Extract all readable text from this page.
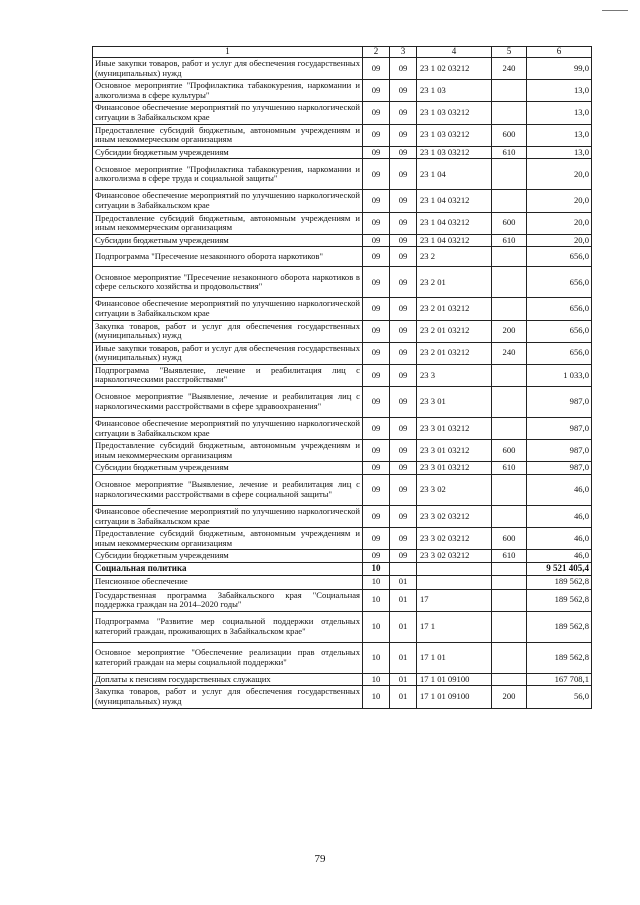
1	2	3	4	5	6
Иные закупки товаров, работ и услуг для обеспечения государственных (муниципальных) нужд	09	09	23 1 02 03212	240	99,0
Основное мероприятие "Профилактика табакокурения, наркомании и алкоголизма в сфере культуры"	09	09	23 1 03		13,0
Финансовое обеспечение мероприятий по улучшению наркологической ситуации в Забайкальском крае	09	09	23 1 03 03212		13,0
Предоставление субсидий бюджетным, автономным учреждениям и иным некоммерческим организациям	09	09	23 1 03 03212	600	13,0
Субсидии бюджетным учреждениям	09	09	23 1 03 03212	610	13,0
Основное мероприятие "Профилактика табакокурения, наркомании и алкоголизма в сфере труда и социальной защиты"	09	09	23 1 04		20,0
Финансовое обеспечение мероприятий по улучшению наркологической ситуации в Забайкальском крае	09	09	23 1 04 03212		20,0
Предоставление субсидий бюджетным, автономным учреждениям и иным некоммерческим организациям	09	09	23 1 04 03212	600	20,0
Субсидии бюджетным учреждениям	09	09	23 1 04 03212	610	20,0
Подпрограмма "Пресечение незаконного оборота наркотиков"	09	09	23 2		656,0
Основное мероприятие "Пресечение незаконного оборота наркотиков в сфере сельского хозяйства и продовольствия"	09	09	23 2 01		656,0
Финансовое обеспечение мероприятий по улучшению наркологической ситуации в Забайкальском крае	09	09	23 2 01 03212		656,0
Закупка товаров, работ и услуг для обеспечения государственных (муниципальных) нужд	09	09	23 2 01 03212	200	656,0
Иные закупки товаров, работ и услуг для обеспечения государственных (муниципальных) нужд	09	09	23 2 01 03212	240	656,0
Подпрограмма "Выявление, лечение и реабилитация лиц с наркологическими расстройствами"	09	09	23 3		1 033,0
Основное мероприятие "Выявление, лечение и реабилитация лиц с наркологическими расстройствами в сфере здравоохранения"	09	09	23 3 01		987,0
Финансовое обеспечение мероприятий по улучшению наркологической ситуации в Забайкальском крае	09	09	23 3 01 03212		987,0
Предоставление субсидий бюджетным, автономным учреждениям и иным некоммерческим организациям	09	09	23 3 01 03212	600	987,0
Субсидии бюджетным учреждениям	09	09	23 3 01 03212	610	987,0
Основное мероприятие "Выявление, лечение и реабилитация лиц с наркологическими расстройствами в сфере социальной защиты"	09	09	23 3 02		46,0
Финансовое обеспечение мероприятий по улучшению наркологической ситуации в Забайкальском крае	09	09	23 3 02 03212		46,0
Предоставление субсидий бюджетным, автономным учреждениям и иным некоммерческим организациям	09	09	23 3 02 03212	600	46,0
Субсидии бюджетным учреждениям	09	09	23 3 02 03212	610	46,0
Социальная политика	10				9 521 405,4
Пенсионное обеспечение	10	01			189 562,8
Государственная программа Забайкальского края "Социальная поддержка граждан на 2014–2020 годы"	10	01	17		189 562,8
Подпрограмма "Развитие мер социальной поддержки отдельных категорий граждан, проживающих в Забайкальском крае"	10	01	17 1		189 562,8
Основное мероприятие "Обеспечение реализации прав отдельных категорий граждан на меры социальной поддержки"	10	01	17 1 01		189 562,8
Доплаты к пенсиям государственных служащих	10	01	17 1 01 09100		167 708,1
Закупка товаров, работ и услуг для обеспечения государственных (муниципальных) нужд	10	01	17 1 01 09100	200	56,0
79
